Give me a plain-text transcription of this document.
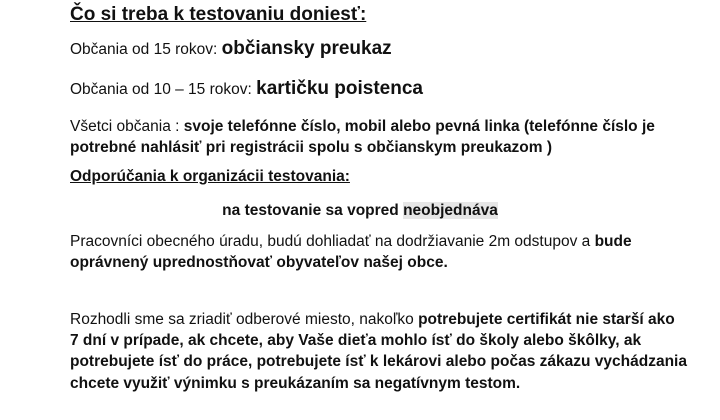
Čo si treba k testovaniu doniesť:
Občania od 15 rokov: občiansky preukaz
Občania od 10 – 15 rokov: kartičku poistenca
Všetci občania : svoje telefónne číslo, mobil alebo pevná linka (telefónne číslo je
potrebné nahlásiť pri registrácii spolu s občianskym preukazom )
Odporúčania k organizácii testovania:
na testovanie sa vopred neobjednáva
Pracovníci obecného úradu, budú dohliadať na dodržiavanie 2m odstupov a bude
oprávnený uprednostňovať obyvateľov našej obce.
Rozhodli sme sa zriadiť odberové miesto, nakoľko potrebujete certifikát nie starší ako
7 dní v prípade, ak chcete, aby Vaše dieťa mohlo ísť do školy alebo škôlky, ak
potrebujete ísť do práce, potrebujete ísť k lekárovi alebo počas zákazu vychádzania
chcete využiť výnimku s preukázaním sa negatívnym testom.
